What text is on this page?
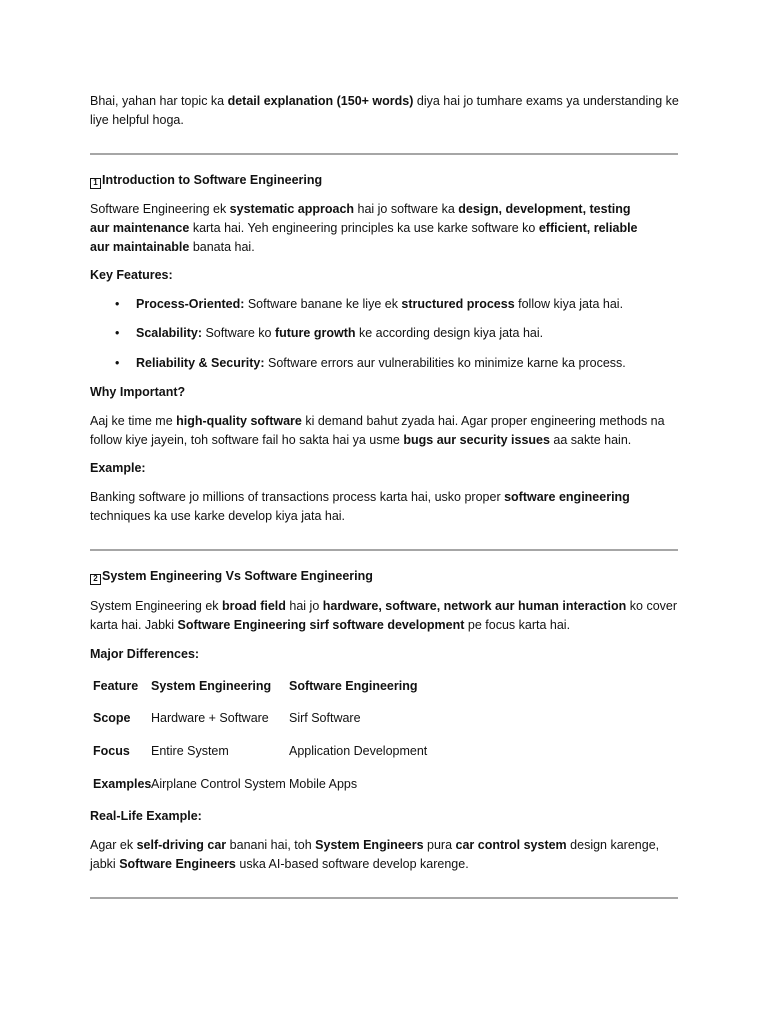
Bhai, yahan har topic ka detail explanation (150+ words) diya hai jo tumhare exams ya understanding ke liye helpful hoga.

1 Introduction to Software Engineering

Software Engineering ek systematic approach hai jo software ka design, development, testing aur maintenance karta hai. Yeh engineering principles ka use karke software ko efficient, reliable aur maintainable banata hai.

Key Features:

• Process-Oriented: Software banane ke liye ek structured process follow kiya jata hai.
• Scalability: Software ko future growth ke according design kiya jata hai.
• Reliability & Security: Software errors aur vulnerabilities ko minimize karne ka process.

Why Important?

Aaj ke time me high-quality software ki demand bahut zyada hai. Agar proper engineering methods na follow kiye jayein, toh software fail ho sakta hai ya usme bugs aur security issues aa sakte hain.

Example:

Banking software jo millions of transactions process karta hai, usko proper software engineering techniques ka use karke develop kiya jata hai.

2 System Engineering Vs Software Engineering

System Engineering ek broad field hai jo hardware, software, network aur human interaction ko cover karta hai. Jabki Software Engineering sirf software development pe focus karta hai.

Major Differences:

Feature System Engineering Software Engineering
Scope Hardware + Software Sirf Software
Focus Entire System	Application Development
Examples Airplane Control System Mobile Apps

Real-Life Example:

Agar ek self-driving car banani hai, toh System Engineers pura car control system design karenge, jabki Software Engineers uska AI-based software develop karenge.
